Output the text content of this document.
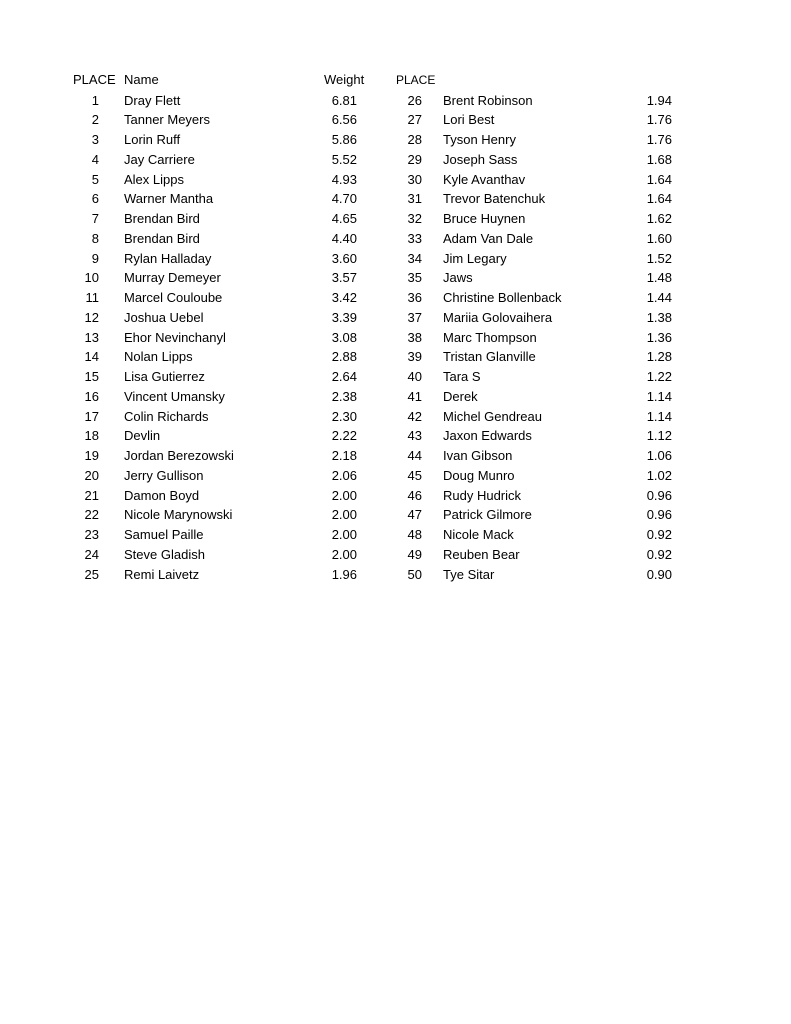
PLACE Name	Weight	PLACE
1 Dray Flett	6.81	26 Brent Robinson	1.94
2 Tanner Meyers	6.56	27 Lori Best	1.76
3 Lorin Ruff	5.86	28 Tyson Henry	1.76
4 Jay Carriere	5.52	29 Joseph Sass	1.68
5 Alex Lipps	4.93	30 Kyle Avanthav	1.64
6 Warner Mantha	4.70	31 Trevor Batenchuk	1.64
7 Brendan Bird	4.65	32 Bruce Huynen	1.62
8 Brendan Bird	4.40	33 Adam Van Dale	1.60
9 Rylan Halladay	3.60	34 Jim Legary	1.52
10 Murray Demeyer	3.57	35 Jaws	1.48
11 Marcel Couloube	3.42	36 Christine Bollenback	1.44
12 Joshua Uebel	3.39	37 Mariia Golovaihera	1.38
13 Ehor Nevinchanyl	3.08	38 Marc Thompson	1.36
14 Nolan Lipps	2.88	39 Tristan Glanville	1.28
15 Lisa Gutierrez	2.64	40 Tara S	1.22
16 Vincent Umansky	2.38	41 Derek	1.14
17 Colin Richards	2.30	42 Michel Gendreau	1.14
18 Devlin	2.22	43 Jaxon Edwards	1.12
19 Jordan Berezowski	2.18	44 Ivan Gibson	1.06
20 Jerry Gullison	2.06	45 Doug Munro	1.02
21 Damon Boyd	2.00	46 Rudy Hudrick	0.96
22 Nicole Marynowski	2.00	47 Patrick Gilmore	0.96
23 Samuel Paille	2.00	48 Nicole Mack	0.92
24 Steve Gladish	2.00	49 Reuben Bear	0.92
25 Remi Laivetz	1.96	50 Tye Sitar	0.90
